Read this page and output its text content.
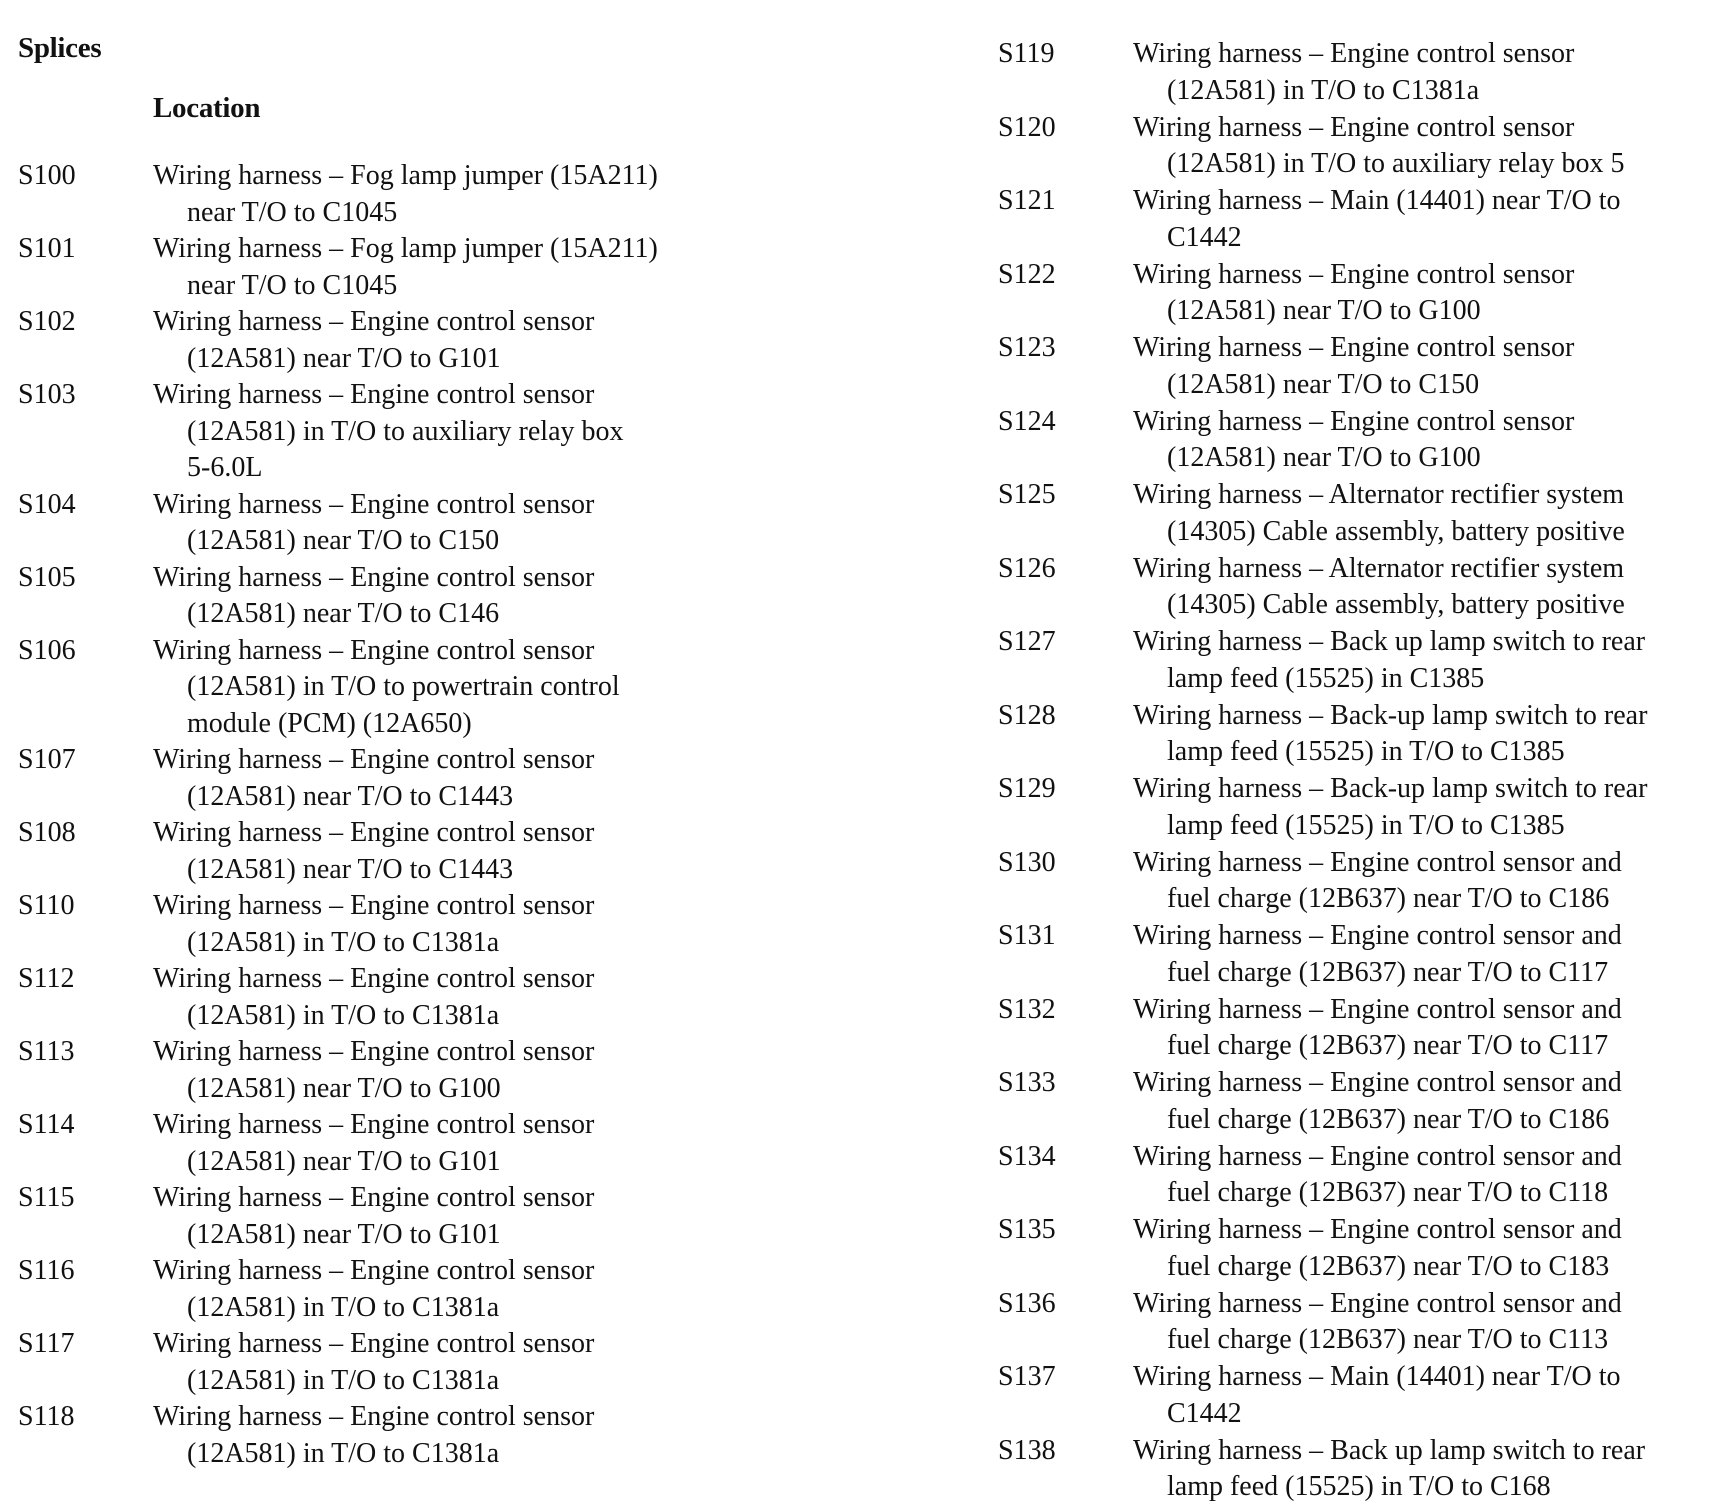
Splices
Location
S100	Wiring harness – Fog lamp jumper (15A211)
near T/O to C1045
S101	Wiring harness – Fog lamp jumper (15A211)
near T/O to C1045
S102	Wiring harness – Engine control sensor
(12A581) near T/O to G101
S103	Wiring harness – Engine control sensor
(12A581) in T/O to auxiliary relay box
5-6.0L
S104	Wiring harness – Engine control sensor
(12A581) near T/O to C150
S105	Wiring harness – Engine control sensor
(12A581) near T/O to C146
S106	Wiring harness – Engine control sensor
(12A581) in T/O to powertrain control
module (PCM) (12A650)
S107	Wiring harness – Engine control sensor
(12A581) near T/O to C1443
S108	Wiring harness – Engine control sensor
(12A581) near T/O to C1443
S110	Wiring harness – Engine control sensor
(12A581) in T/O to C1381a
S112	Wiring harness – Engine control sensor
(12A581) in T/O to C1381a
S113	Wiring harness – Engine control sensor
(12A581) near T/O to G100
S114	Wiring harness – Engine control sensor
(12A581) near T/O to G101
S115	Wiring harness – Engine control sensor
(12A581) near T/O to G101
S116	Wiring harness – Engine control sensor
(12A581) in T/O to C1381a
S117	Wiring harness – Engine control sensor
(12A581) in T/O to C1381a
S118	Wiring harness – Engine control sensor
(12A581) in T/O to C1381a
S119	Wiring harness – Engine control sensor
(12A581) in T/O to C1381a
S120	Wiring harness – Engine control sensor
(12A581) in T/O to auxiliary relay box 5
S121	Wiring harness – Main (14401) near T/O to
C1442
S122	Wiring harness – Engine control sensor
(12A581) near T/O to G100
S123	Wiring harness – Engine control sensor
(12A581) near T/O to C150
S124	Wiring harness – Engine control sensor
(12A581) near T/O to G100
S125	Wiring harness – Alternator rectifier system
(14305) Cable assembly, battery positive
S126	Wiring harness – Alternator rectifier system
(14305) Cable assembly, battery positive
S127	Wiring harness – Back up lamp switch to rear
lamp feed (15525) in C1385
S128	Wiring harness – Back-up lamp switch to rear
lamp feed (15525) in T/O to C1385
S129	Wiring harness – Back-up lamp switch to rear
lamp feed (15525) in T/O to C1385
S130	Wiring harness – Engine control sensor and
fuel charge (12B637) near T/O to C186
S131	Wiring harness – Engine control sensor and
fuel charge (12B637) near T/O to C117
S132	Wiring harness – Engine control sensor and
fuel charge (12B637) near T/O to C117
S133	Wiring harness – Engine control sensor and
fuel charge (12B637) near T/O to C186
S134	Wiring harness – Engine control sensor and
fuel charge (12B637) near T/O to C118
S135	Wiring harness – Engine control sensor and
fuel charge (12B637) near T/O to C183
S136	Wiring harness – Engine control sensor and
fuel charge (12B637) near T/O to C113
S137	Wiring harness – Main (14401) near T/O to
C1442
S138	Wiring harness – Back up lamp switch to rear
lamp feed (15525) in T/O to C168
